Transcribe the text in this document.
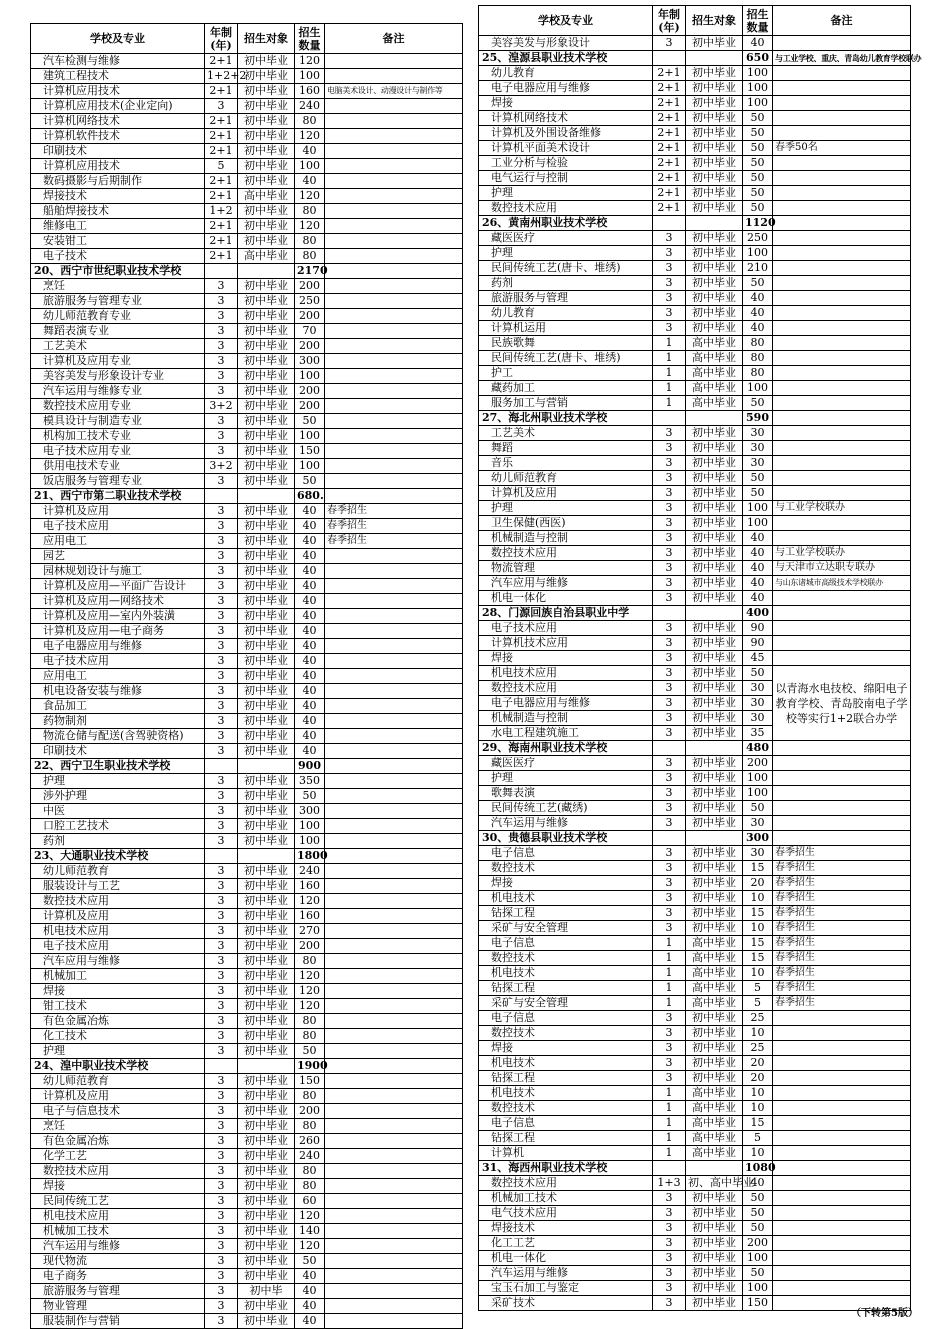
学校及专业	年制(年)	招生对象	招生数量	备注
汽车检测与维修	2+1	初中毕业	120	
建筑工程技术	1+2+2	初中毕业	100	
计算机应用技术	2+1	初中毕业	160	电脑美术设计、动漫设计与制作等
计算机应用技术(企业定向)	3	初中毕业	240	
计算机网络技术	2+1	初中毕业	80	
计算机软件技术	2+1	初中毕业	120	
印刷技术	2+1	初中毕业	40	
计算机应用技术	5	初中毕业	100	
数码摄影与后期制作	2+1	初中毕业	40	
焊接技术	2+1	高中毕业	120	
船舶焊接技术	1+2	初中毕业	80	
维修电工	2+1	初中毕业	120	
安装钳工	2+1	初中毕业	80	
电子技术	2+1	高中毕业	80	
20、西宁市世纪职业技术学校			2170	
烹饪	3	初中毕业	200	
旅游服务与管理专业	3	初中毕业	250	
幼儿师范教育专业	3	初中毕业	200	
舞蹈表演专业	3	初中毕业	70	
工艺美术	3	初中毕业	200	
计算机及应用专业	3	初中毕业	300	
美容美发与形象设计专业	3	初中毕业	100	
汽车运用与维修专业	3	初中毕业	200	
数控技术应用专业	3+2	初中毕业	200	
模具设计与制造专业	3	初中毕业	50	
机构加工技术专业	3	初中毕业	100	
电子技术应用专业	3	初中毕业	150	
供用电技术专业	3+2	初中毕业	100	
饭店服务与管理专业	3	初中毕业	50	
21、西宁市第二职业技术学校			680.	
计算机及应用	3	初中毕业	40	春季招生
电子技术应用	3	初中毕业	40	春季招生
应用电工	3	初中毕业	40	春季招生
园艺	3	初中毕业	40	
园林规划设计与施工	3	初中毕业	40	
计算机及应用—平面广告设计	3	初中毕业	40	
计算机及应用—网络技术	3	初中毕业	40	
计算机及应用—室内外装潢	3	初中毕业	40	
计算机及应用—电子商务	3	初中毕业	40	
电子电器应用与维修	3	初中毕业	40	
电子技术应用	3	初中毕业	40	
应用电工	3	初中毕业	40	
机电设备安装与维修	3	初中毕业	40	
食品加工	3	初中毕业	40	
药物制剂	3	初中毕业	40	
物流仓储与配送(含驾驶资格)	3	初中毕业	40	
印刷技术	3	初中毕业	40	
22、西宁卫生职业技术学校			900	
护理	3	初中毕业	350	
涉外护理	3	初中毕业	50	
中医	3	初中毕业	300	
口腔工艺技术	3	初中毕业	100	
药剂	3	初中毕业	100	
23、大通职业技术学校			1800	
幼儿师范教育	3	初中毕业	240	
服装设计与工艺	3	初中毕业	160	
数控技术应用	3	初中毕业	120	
计算机及应用	3	初中毕业	160	
机电技术应用	3	初中毕业	270	
电子技术应用	3	初中毕业	200	
汽车应用与维修	3	初中毕业	80	
机械加工	3	初中毕业	120	
焊接	3	初中毕业	120	
钳工技术	3	初中毕业	120	
有色金属冶炼	3	初中毕业	80	
化工技术	3	初中毕业	80	
护理	3	初中毕业	50	
24、湟中职业技术学校			1900	
幼儿师范教育	3	初中毕业	150	
计算机及应用	3	初中毕业	80	
电子与信息技术	3	初中毕业	200	
烹饪	3	初中毕业	80	
有色金属冶炼	3	初中毕业	260	
化学工艺	3	初中毕业	240	
数控技术应用	3	初中毕业	80	
焊接	3	初中毕业	80	
民间传统工艺	3	初中毕业	60	
机电技术应用	3	初中毕业	120	
机械加工技术	3	初中毕业	140	
汽车运用与维修	3	初中毕业	120	
现代物流	3	初中毕业	50	
电子商务	3	初中毕业	40	
旅游服务与管理	3	初中毕	40	
物业管理	3	初中毕业	40	
服装制作与营销	3	初中毕业	40	
学校及专业	年制(年)	招生对象	招生数量	备注
美容美发与形象设计	3	初中毕业	40	
25、湟源县职业技术学校			650	与工业学校、重庆、青岛幼儿教育学校联办
幼儿教育	2+1	初中毕业	100	
电子电器应用与维修	2+1	初中毕业	100	
焊接	2+1	初中毕业	100	
计算机网络技术	2+1	初中毕业	50	
计算机及外围设备维修	2+1	初中毕业	50	
计算机平面美术设计	2+1	初中毕业	50	春季50名
工业分析与检验	2+1	初中毕业	50	
电气运行与控制	2+1	初中毕业	50	
护理	2+1	初中毕业	50	
数控技术应用	2+1	初中毕业	50	
26、黄南州职业技术学校			1120	
藏医医疗	3	初中毕业	250	
护理	3	初中毕业	100	
民间传统工艺(唐卡、堆绣)	3	初中毕业	210	
药剂	3	初中毕业	50	
旅游服务与管理	3	初中毕业	40	
幼儿教育	3	初中毕业	40	
计算机运用	3	初中毕业	40	
民族歌舞	1	高中毕业	80	
民间传统工艺(唐卡、堆绣)	1	高中毕业	80	
护工	1	高中毕业	80	
藏药加工	1	高中毕业	100	
服务加工与营销	1	高中毕业	50	
27、海北州职业技术学校			590	
工艺美术	3	初中毕业	30	
舞蹈	3	初中毕业	30	
音乐	3	初中毕业	30	
幼儿师范教育	3	初中毕业	50	
计算机及应用	3	初中毕业	50	
护理	3	初中毕业	100	与工业学校联办
卫生保健(西医)	3	初中毕业	100	
机械制造与控制	3	初中毕业	40	
数控技术应用	3	初中毕业	40	与工业学校联办
物流管理	3	初中毕业	40	与天津市立达职专联办
汽车应用与维修	3	初中毕业	40	与山东诸城市高级技术学校联办
机电一体化	3	初中毕业	40	
28、门源回族自治县职业中学			400	
电子技术应用	3	初中毕业	90	
计算机技术应用	3	初中毕业	90	
焊接	3	初中毕业	45	
机电技术应用	3	初中毕业	50	以青海水电技校、绵阳电子教育学校、青岛胶南电子学校等实行1+2联合办学
数控技术应用	3	初中毕业	30	
电子电器应用与维修	3	初中毕业	30	
机械制造与控制	3	初中毕业	30	
水电工程建筑施工	3	初中毕业	35	
29、海南州职业技术学校			480	
藏医医疗	3	初中毕业	200	
护理	3	初中毕业	100	
歌舞表演	3	初中毕业	100	
民间传统工艺(藏绣)	3	初中毕业	50	
汽车运用与维修	3	初中毕业	30	
30、贵德县职业技术学校			300	
电子信息	3	初中毕业	30	春季招生
数控技术	3	初中毕业	15	春季招生
焊接	3	初中毕业	20	春季招生
机电技术	3	初中毕业	10	春季招生
钻探工程	3	初中毕业	15	春季招生
采矿与安全管理	3	初中毕业	10	春季招生
电子信息	1	高中毕业	15	春季招生
数控技术	1	高中毕业	15	春季招生
机电技术	1	高中毕业	10	春季招生
钻探工程	1	高中毕业	5	春季招生
采矿与安全管理	1	高中毕业	5	春季招生
电子信息	3	初中毕业	25	
数控技术	3	初中毕业	10	
焊接	3	初中毕业	25	
机电技术	3	初中毕业	20	
钻探工程	3	初中毕业	20	
机电技术	1	高中毕业	10	
数控技术	1	高中毕业	10	
电子信息	1	高中毕业	15	
钻探工程	1	高中毕业	5	
计算机	1	高中毕业	10	
31、海西州职业技术学校			1080	
数控技术应用	1+3	初、高中毕业	40	
机械加工技术	3	初中毕业	50	
电气技术应用	3	初中毕业	50	
焊接技术	3	初中毕业	50	
化工工艺	3	初中毕业	200	
机电一体化	3	初中毕业	100	
汽车运用与维修	3	初中毕业	50	
宝玉石加工与鉴定	3	初中毕业	100	
采矿技术	3	初中毕业	150	
（下转第5版）
